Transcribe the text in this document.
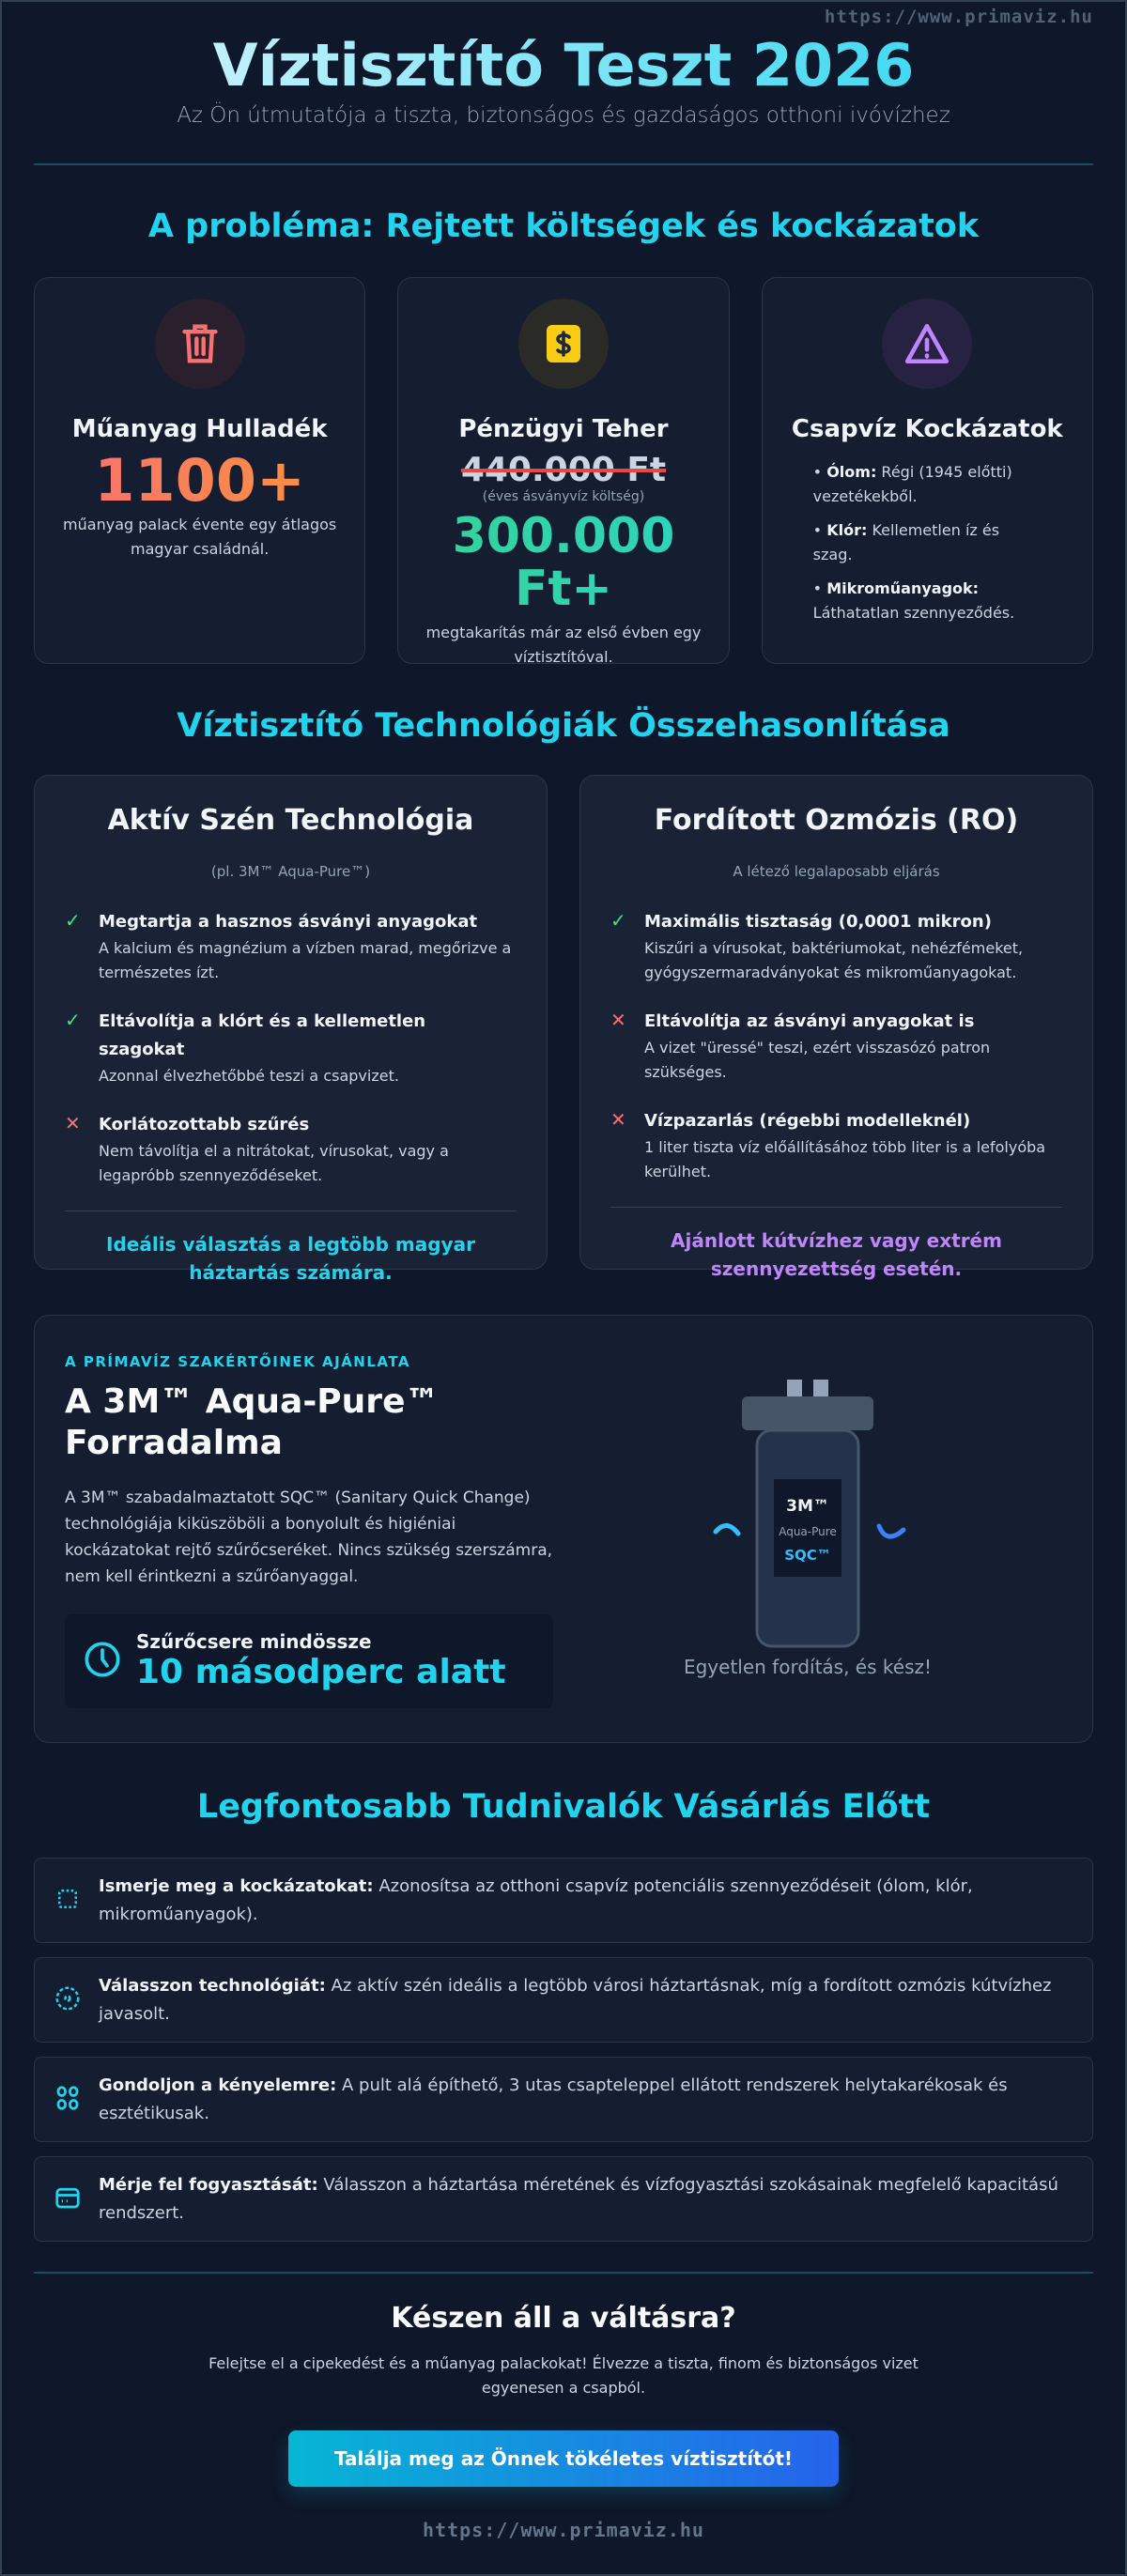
https://www.primaviz.hu
Víztisztító Teszt 2026
Az Ön útmutatója a tiszta, biztonságos és gazdaságos otthoni ivóvízhez
A probléma: Rejtett költségek és kockázatok
Műanyag Hulladék
1100+
műanyag palack évente egy átlagos magyar családnál.
Pénzügyi Teher
440.000 Ft
(éves ásványvíz költség)
300.000 Ft+
megtakarítás már az első évben egy víztisztítóval.
Csapvíz Kockázatok
• Ólom: Régi (1945 előtti) vezetékekből.
• Klór: Kellemetlen íz és szag.
• Mikroműanyagok: Láthatatlan szennyeződés.
Víztisztító Technológiák Összehasonlítása
Aktív Szén Technológia
(pl. 3M™ Aqua-Pure™)
✓ Megtartja a hasznos ásványi anyagokat
A kalcium és magnézium a vízben marad, megőrizve a természetes ízt.
✓ Eltávolítja a klórt és a kellemetlen szagokat
Azonnal élvezhetőbbé teszi a csapvizet.
✕ Korlátozottabb szűrés
Nem távolítja el a nitrátokat, vírusokat, vagy a legapróbb szennyeződéseket.
Ideális választás a legtöbb magyar háztartás számára.
Fordított Ozmózis (RO)
A létező legalaposabb eljárás
✓ Maximális tisztaság (0,0001 mikron)
Kiszűri a vírusokat, baktériumokat, nehézfémeket, gyógyszermaradványokat és mikroműanyagokat.
✕ Eltávolítja az ásványi anyagokat is
A vizet "üressé" teszi, ezért visszasózó patron szükséges.
✕ Vízpazarlás (régebbi modelleknél)
1 liter tiszta víz előállításához több liter is a lefolyóba kerülhet.
Ajánlott kútvízhez vagy extrém szennyezettség esetén.
A PRÍMAVÍZ SZAKÉRTŐINEK AJÁNLATA
A 3M™ Aqua-Pure™ Forradalma
A 3M™ szabadalmaztatott SQC™ (Sanitary Quick Change) technológiája kiküszöböli a bonyolult és higiéniai kockázatokat rejtő szűrőcseréket. Nincs szükség szerszámra, nem kell érintkezni a szűrőanyaggal.
Szűrőcsere mindössze
10 másodperc alatt
3M™
Aqua-Pure
SQC™
Egyetlen fordítás, és kész!
Legfontosabb Tudnivalók Vásárlás Előtt

Ismerje meg a kockázatokat: Azonosítsa az otthoni csapvíz potenciális szennyeződéseit (ólom, klór, mikroműanyagok).

Válasszon technológiát: Az aktív szén ideális a legtöbb városi háztartásnak, míg a fordított ozmózis kútvízhez javasolt.

Gondoljon a kényelemre: A pult alá építhető, 3 utas csapteleppel ellátott rendszerek helytakarékosak és esztétikusak.

Mérje fel fogyasztását: Válasszon a háztartása méretének és vízfogyasztási szokásainak megfelelő kapacitású rendszert.

Készen áll a váltásra?
Felejtse el a cipekedést és a műanyag palackokat! Élvezze a tiszta, finom és biztonságos vizet egyenesen a csapból.
Találja meg az Önnek tökéletes víztisztítót!
https://www.primaviz.hu
